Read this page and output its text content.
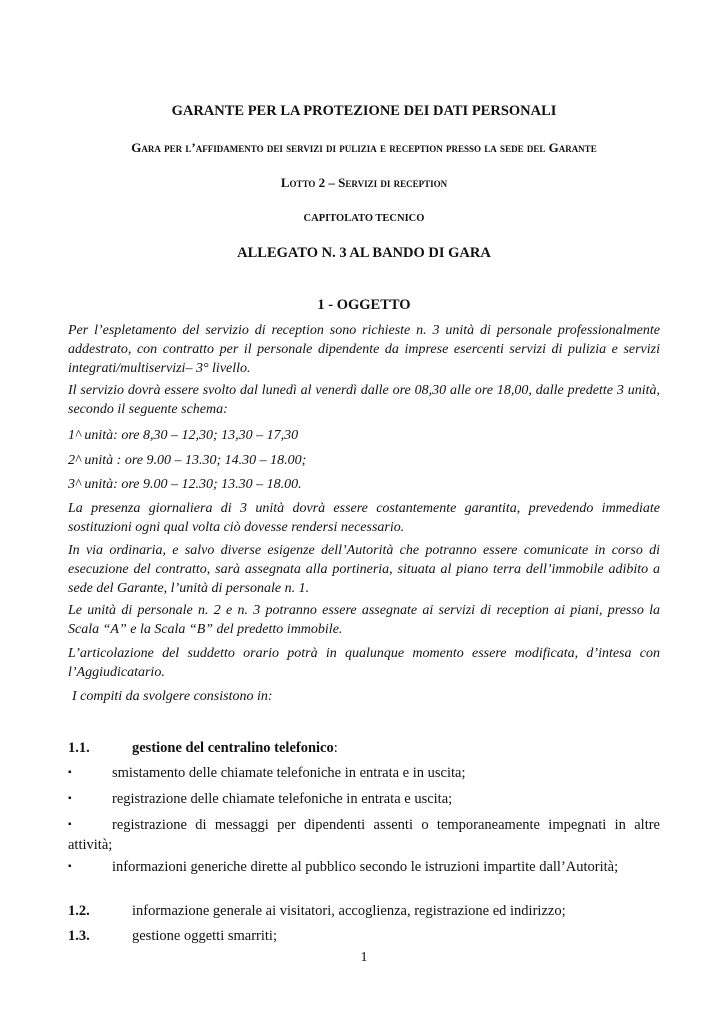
GARANTE PER LA PROTEZIONE DEI DATI PERSONALI
Gara per l’affidamento dei servizi di pulizia e reception presso la sede del Garante
Lotto 2 – Servizi di reception
CAPITOLATO TECNICO
ALLEGATO N. 3 AL BANDO DI GARA
1 - OGGETTO
Per l’espletamento del servizio di reception sono richieste n. 3 unità di personale professionalmente addestrato, con contratto per il personale dipendente da imprese esercenti servizi di pulizia e servizi integrati/multiservizi– 3° livello.
Il servizio dovrà essere svolto dal lunedì al venerdì dalle ore 08,30 alle ore 18,00, dalle predette 3 unità, secondo il seguente schema:
1^ unità: ore 8,30 – 12,30; 13,30 – 17,30
2^ unità : ore 9.00 – 13.30; 14.30 – 18.00;
3^ unità: ore 9.00 – 12.30; 13.30 – 18.00.
La presenza giornaliera di 3 unità dovrà essere costantemente garantita, prevedendo immediate sostituzioni ogni qual volta ciò dovesse rendersi necessario.
In via ordinaria, e salvo diverse esigenze dell’Autorità che potranno essere comunicate in corso di esecuzione del contratto, sarà assegnata alla portineria, situata al piano terra dell’immobile adibito a sede del Garante, l’unità di personale n. 1.
Le unità di personale n. 2 e n. 3 potranno essere assegnate ai servizi di reception ai piani, presso la Scala “A” e la Scala “B” del predetto immobile.
L’articolazione del suddetto orario potrà in qualunque momento essere modificata, d’intesa con l’Aggiudicatario.
I compiti da svolgere consistono in:
1.1.	gestione del centralino telefonico:
▪	smistamento delle chiamate telefoniche in entrata e in uscita;
▪	registrazione delle chiamate telefoniche in entrata e uscita;
▪	registrazione di messaggi per dipendenti assenti o temporaneamente impegnati in altre attività;
▪	informazioni generiche dirette al pubblico secondo le istruzioni impartite dall’Autorità;
1.2.	informazione generale ai visitatori, accoglienza, registrazione ed indirizzo;
1.3.	gestione oggetti smarriti;
1
